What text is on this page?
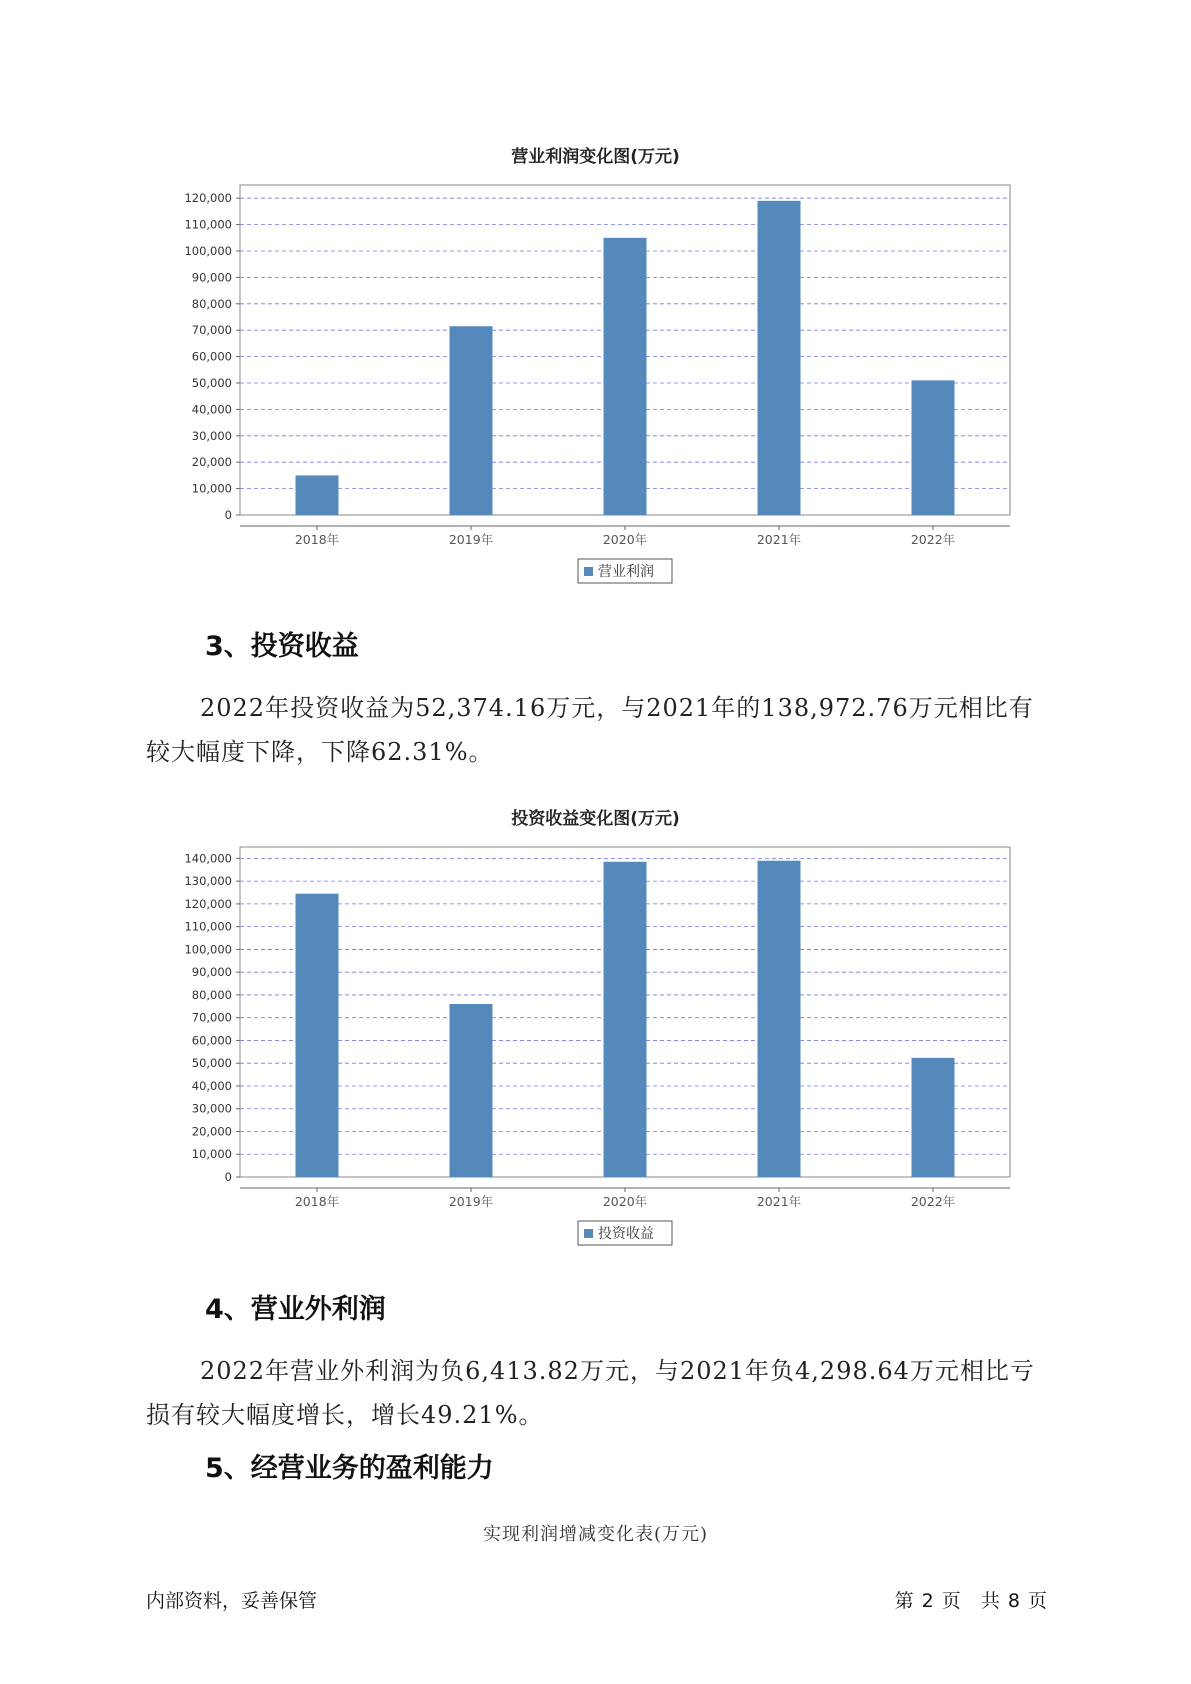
营业利润变化图(万元)
0
10,000
20,000
30,000
40,000
50,000
60,000
70,000
80,000
90,000
100,000
110,000
120,000
2018年	2019年	2020年	2021年	2022年
营业利润
3、投资收益
2022年投资收益为52,374.16万元，与2021年的138,972.76万元相比有较大幅度下降，下降62.31%。
投资收益变化图(万元)
0
10,000
20,000
30,000
40,000
50,000
60,000
70,000
80,000
90,000
100,000
110,000
120,000
130,000
140,000
2018年	2019年	2020年	2021年	2022年
投资收益
4、营业外利润
2022年营业外利润为负6,413.82万元，与2021年负4,298.64万元相比亏损有较大幅度增长，增长49.21%。
5、经营业务的盈利能力
实现利润增减变化表(万元)
内部资料，妥善保管	第 2 页 共 8 页
